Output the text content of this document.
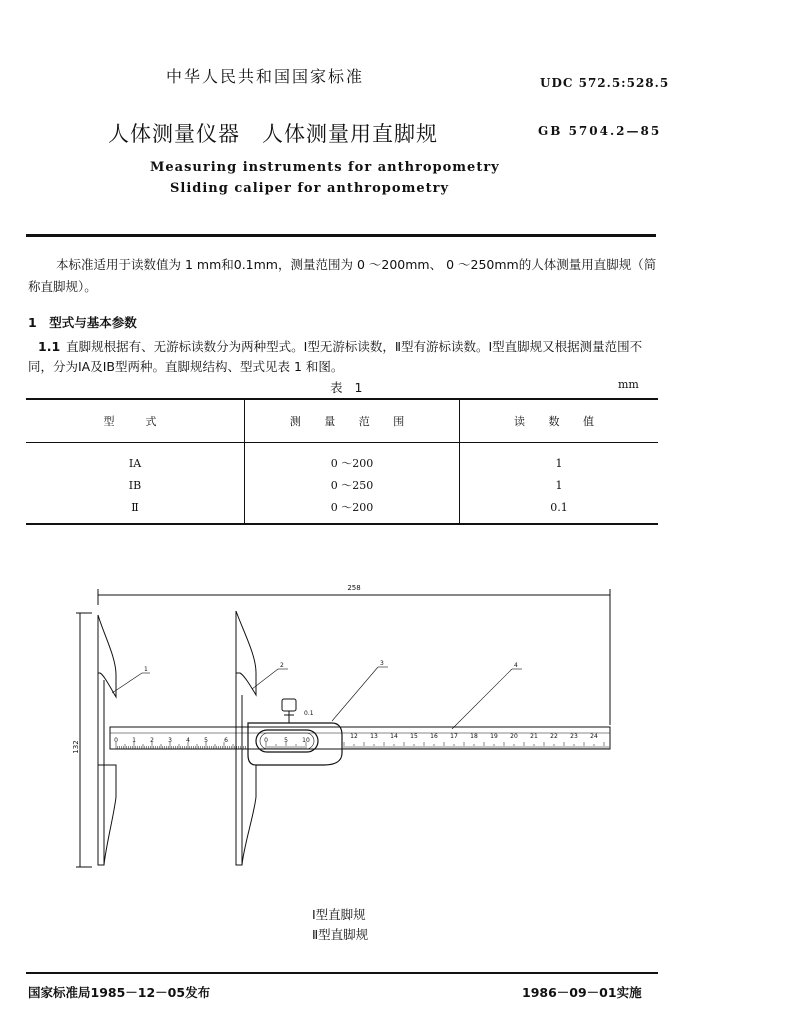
中华人民共和国国家标准	UDC 572.5:528.5
人体测量仪器　人体测量用直脚规	GB 5704.2—85
Measuring instruments for anthropometry
Sliding caliper for anthropometry
本标准适用于读数值为 1 mm和0.1mm，测量范围为 0 ～200mm、 0 ～250mm的人体测量用直脚规（简称直脚规）。
1　型式与基本参数
1.1 直脚规根据有、无游标读数分为两种型式。Ⅰ型无游标读数，Ⅱ型有游标读数。Ⅰ型直脚规又根据测量范围不同，分为ⅠA及ⅠB型两种。直脚规结构、型式见表 1 和图。
表 1	mm
型　式	测 量 范 围	读 数 值
ⅠA	0 ～200	1
ⅠB	0 ～250	1
Ⅱ	0 ～200	0.1
258
132
0.1
1
2	3	4
0 1 2 3 4 5	6	0	5 10
12 13 14 15 16 17 18 19 20 21 22 23 24
Ⅰ型直脚规
Ⅱ型直脚规
国家标准局1985－12－05发布	1986－09－01实施
